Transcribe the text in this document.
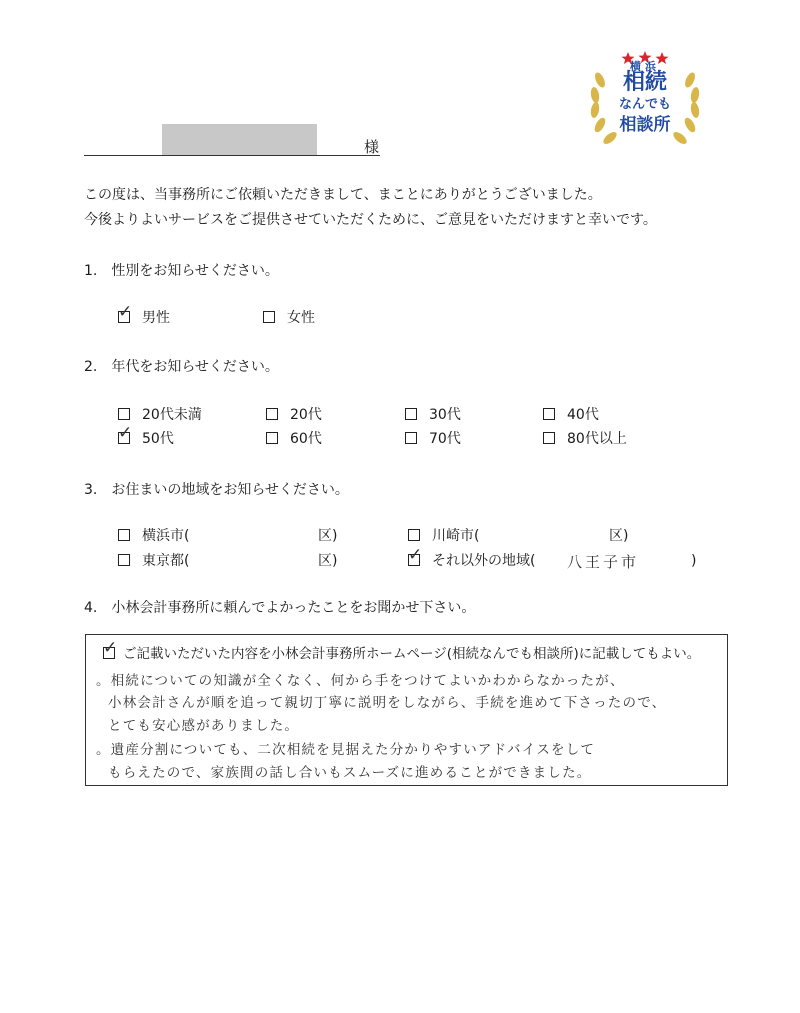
横浜
相続
なんでも
相談所
様
この度は、当事務所にご依頼いただきまして、まことにありがとうございました。
今後よりよいサービスをご提供させていただくために、ご意見をいただけますと幸いです。
1.　性別をお知らせください。
✓ 男性	女性
2.　年代をお知らせください。
20代未満	20代	30代	40代
✓ 50代	60代	70代	80代以上
3.　お住まいの地域をお知らせください。
横浜市(	区)	川崎市(	区)
東京都(	区)	✓ それ以外の地域( 八王子市	)
4.　小林会計事務所に頼んでよかったことをお聞かせ下さい。
✓ ご記載いただいた内容を小林会計事務所ホームページ(相続なんでも相談所)に記載してもよい。
。相続についての知識が全くなく、何から手をつけてよいかわからなかったが、
小林会計さんが順を追って親切丁寧に説明をしながら、手続を進めて下さったので、
とても安心感がありました。
。遺産分割についても、二次相続を見据えた分かりやすいアドバイスをして
もらえたので、家族間の話し合いもスムーズに進めることができました。
